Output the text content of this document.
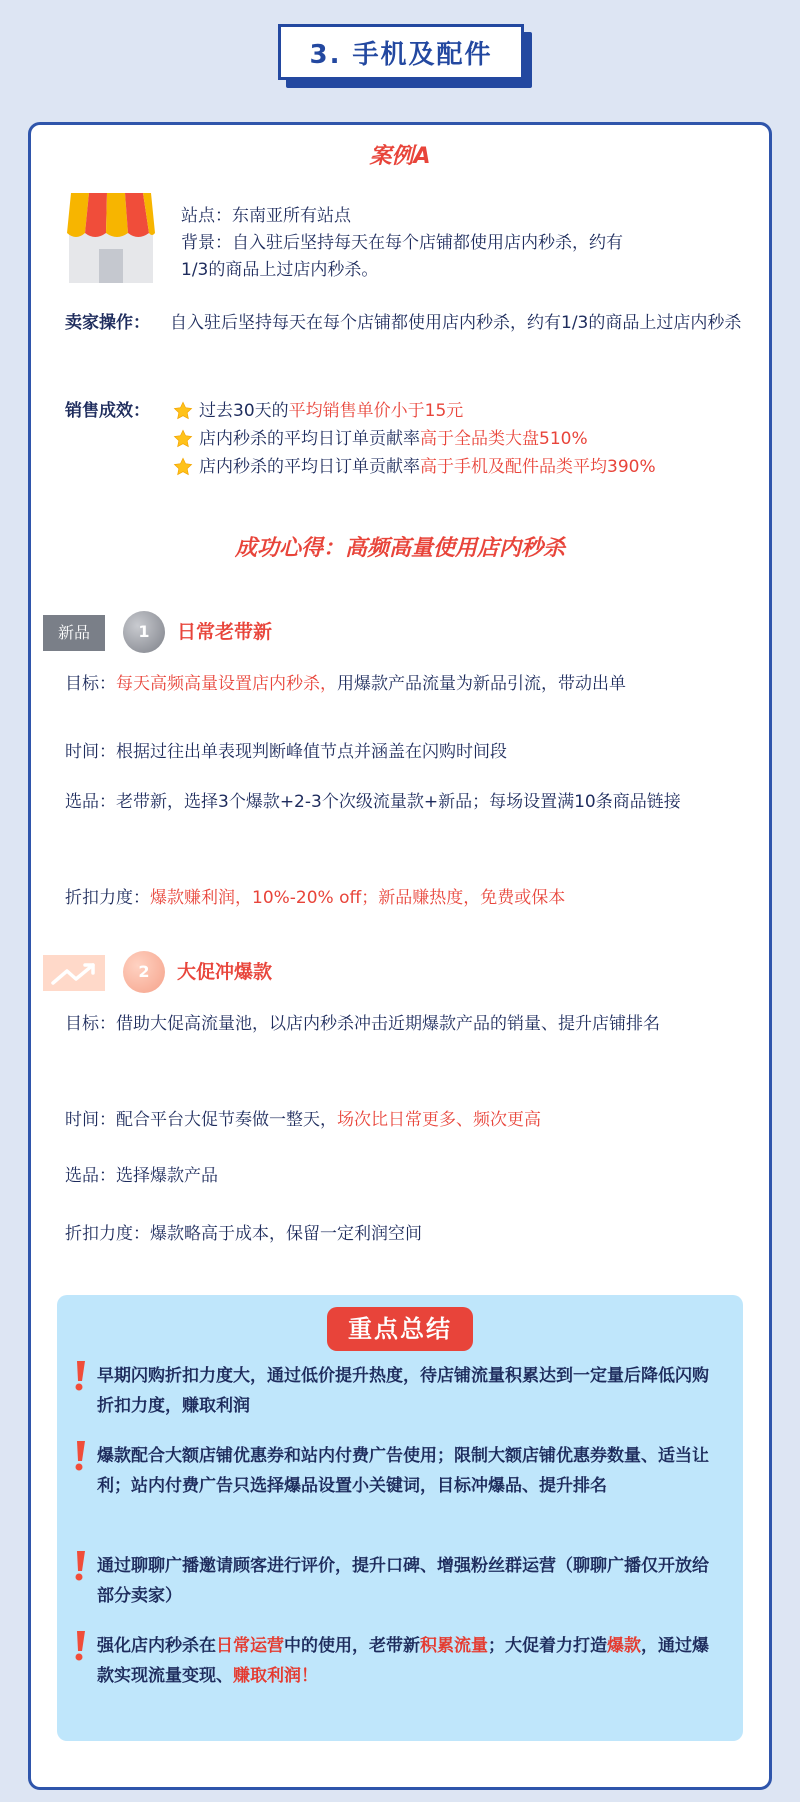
3. 手机及配件
案例A
站点：东南亚所有站点
背景：自入驻后坚持每天在每个店铺都使用店内秒杀，约有
1/3的商品上过店内秒杀。
卖家操作： 自入驻后坚持每天在每个店铺都使用店内秒杀，约有1/3的商品上过店内秒杀
销售成效：	过去30天的 平均销售单价小于15元
店内秒杀的平均日订单贡献率 高于全品类大盘510%
店内秒杀的平均日订单贡献率 高于手机及配件品类平均390%
成功心得：高频高量使用店内秒杀
新品	1	日常老带新
目标：每天高频高量设置店内秒杀，用爆款产品流量为新品引流，带动出单
时间：根据过往出单表现判断峰值节点并涵盖在闪购时间段
选品：老带新，选择3个爆款+2-3个次级流量款+新品；每场设置满10条商品链接
折扣力度：爆款赚利润，10%-20% off；新品赚热度，免费或保本
2	大促冲爆款
目标：借助大促高流量池，以店内秒杀冲击近期爆款产品的销量、提升店铺排名
时间：配合平台大促节奏做一整天，场次比日常更多、频次更高
选品：选择爆款产品
折扣力度：爆款略高于成本，保留一定利润空间
重点总结
早期闪购折扣力度大，通过低价提升热度，待店铺流量积累达到一定量后降低闪购折扣力度，赚取利润
爆款配合大额店铺优惠券和站内付费广告使用；限制大额店铺优惠券数量、适当让利；站内付费广告只选择爆品设置小关键词，目标冲爆品、提升排名
通过聊聊广播邀请顾客进行评价，提升口碑、增强粉丝群运营（聊聊广播仅开放给部分卖家）
强化店内秒杀在日常运营中的使用，老带新积累流量；大促着力打造爆款，通过爆款实现流量变现、赚取利润！
